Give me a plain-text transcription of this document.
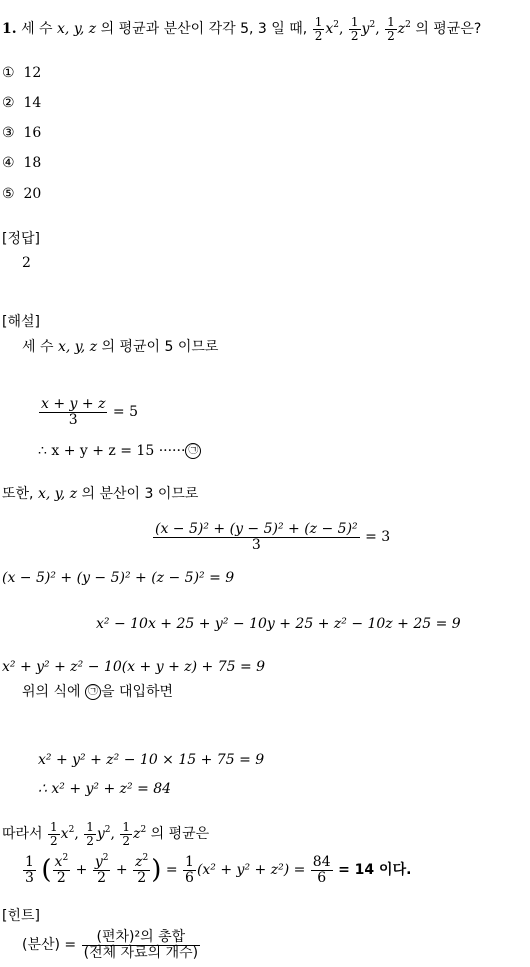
1. 세 수 x, y, z 의 평균과 분산이 각각 5, 3 일 때, $\frac{1}{2} x^2$, $\frac{1}{2} y^2$, $\frac{1}{2} z^2$ 의 평균은?
① 12
② 14
③ 16
④ 18
⑤ 20
[정답]
2
[해설]
세 수 x, y, z 의 평균이 5 이므로
$\frac{x + y + z}{3} = 5$
∴ x + y + z = 15 ······ ㉠
또한, x, y, z 의 분산이 3 이므로
$\frac{\text{(x − 5)² + (y − 5)² + (z − 5)²}}{3} = 3$
(x − 5)² + (y − 5)² + (z − 5)² = 9
x² − 10x + 25 + y² − 10y + 25 + z² − 10z + 25 = 9
x² + y² + z² − 10(x + y + z) + 75 = 9
위의 식에 ㉠ 을 대입하면
x² + y² + z² − 10 × 15 + 75 = 9
∴ x² + y² + z² = 84
따라서 $\frac{1}{2} x^2$, $\frac{1}{2} y^2$, $\frac{1}{2} z^2$ 의 평균은
$\frac{1}{3}$ ( $\frac{x^2}{2} + \frac{y^2}{2} + \frac{z^2}{2}$ ) = $\frac{1}{6} (x^2 + y^2 + z^2) = \frac{84}{6} = 14$ 이다.
[힌트]
(분산) = $\frac{\text{(편차)²의 총합}}{\text{(전체 자료의 개수)}}$
